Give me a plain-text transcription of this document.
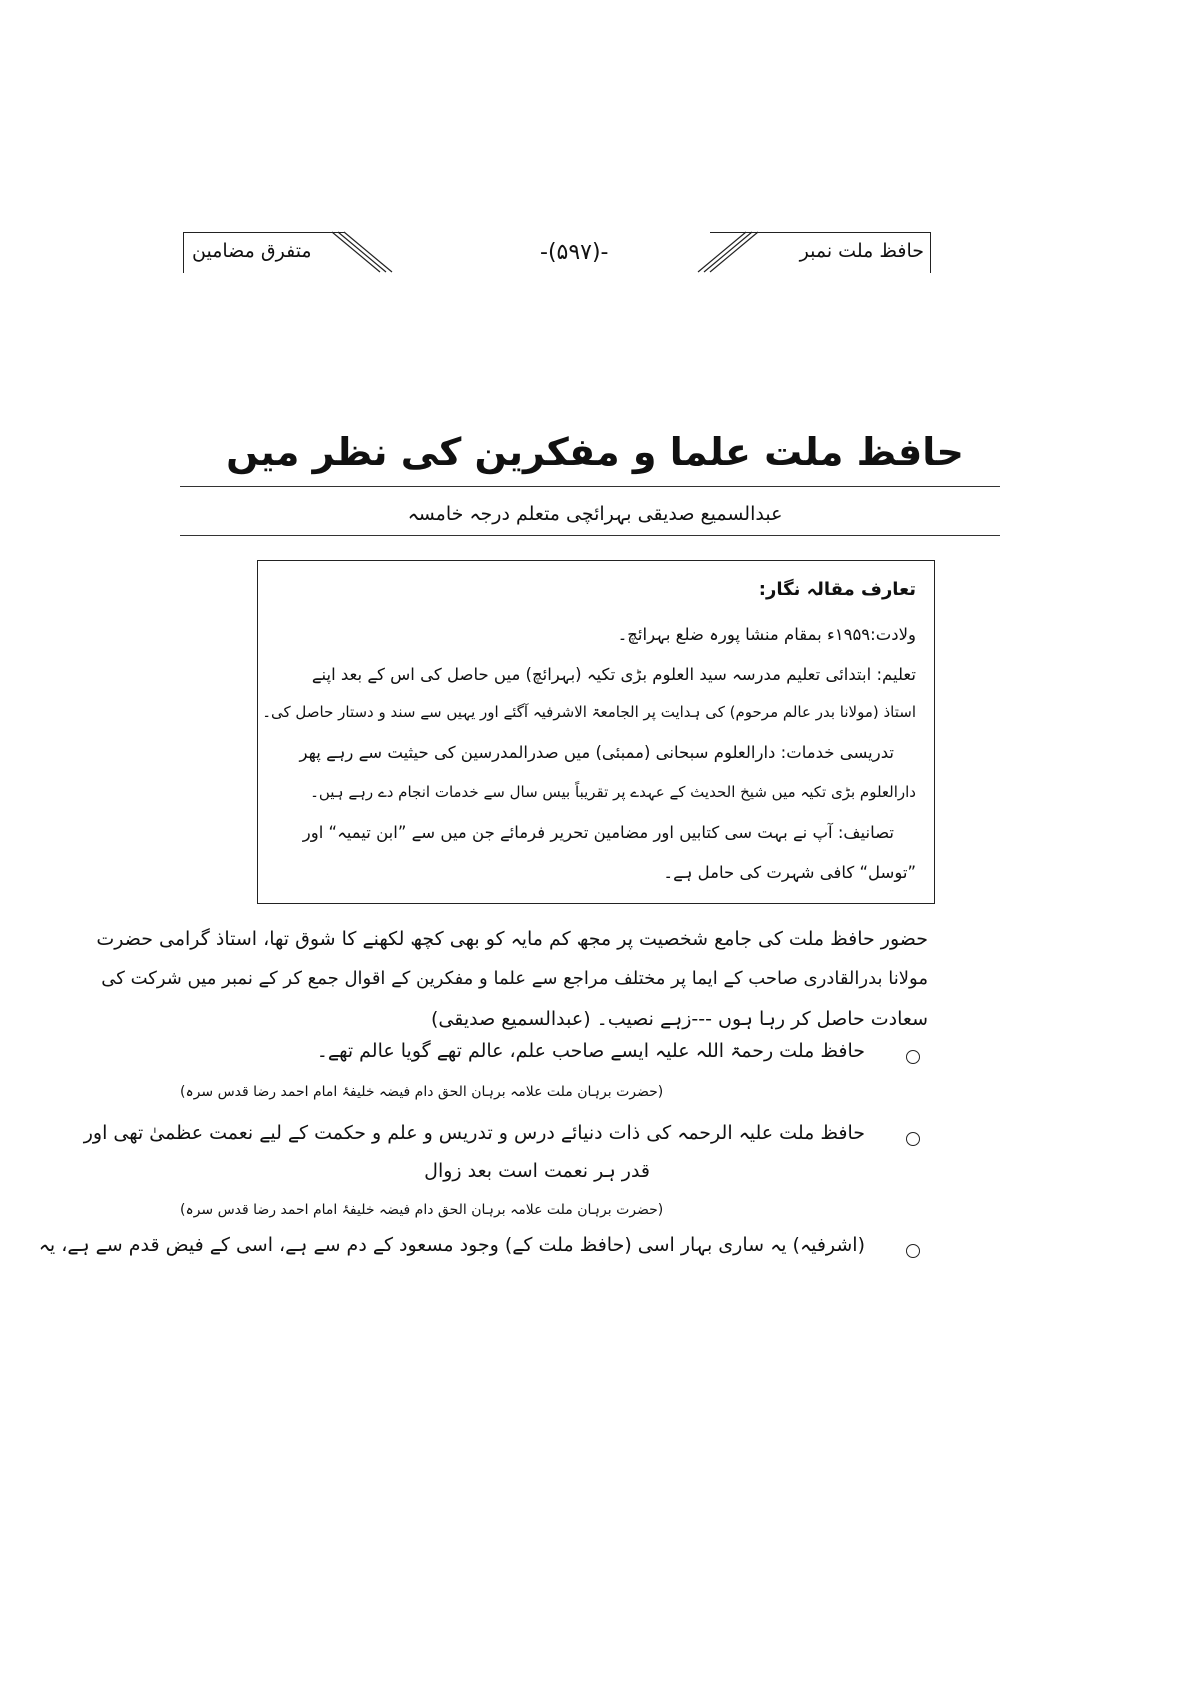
حافظ ملت نمبر
-(۵۹۷)-
متفرق مضامین
حافظ ملت علما و مفکرین کی نظر میں
عبدالسمیع صدیقی بہرائچی متعلم درجہ خامسہ
تعارف مقالہ نگار:
ولادت:۱۹۵۹ء بمقام منشا پورہ ضلع بہرائچ۔
تعلیم: ابتدائی تعلیم مدرسہ سید العلوم بڑی تکیہ (بہرائچ) میں حاصل کی اس کے بعد اپنے
استاذ (مولانا بدر عالم مرحوم) کی ہدایت پر الجامعۃ الاشرفیہ آگئے اور یہیں سے سند و دستار حاصل کی۔
تدریسی خدمات: دارالعلوم سبحانی (ممبئی) میں صدرالمدرسین کی حیثیت سے رہے پھر
دارالعلوم بڑی تکیہ میں شیخ الحدیث کے عہدے پر تقریباً بیس سال سے خدمات انجام دے رہے ہیں۔
تصانیف: آپ نے بہت سی کتابیں اور مضامین تحریر فرمائے جن میں سے ”ابن تیمیہ“ اور
”توسل“ کافی شہرت کی حامل ہے۔
حضور حافظ ملت کی جامع شخصیت پر مجھ کم مایہ کو بھی کچھ لکھنے کا شوق تھا، استاذ گرامی حضرت
مولانا بدرالقادری صاحب کے ایما پر مختلف مراجع سے علما و مفکرین کے اقوال جمع کر کے نمبر میں شرکت کی
سعادت حاصل کر رہا ہوں ---زہے نصیب۔ (عبدالسمیع صدیقی)
حافظ ملت رحمۃ اللہ علیہ ایسے صاحب علم، عالم تھے گویا عالم تھے۔
(حضرت برہان ملت علامہ برہان الحق دام فیضہ خلیفۂ امام احمد رضا قدس سرہ)
حافظ ملت علیہ الرحمہ کی ذات دنیائے درس و تدریس و علم و حکمت کے لیے نعمت عظمیٰ تھی اور
قدر ہر نعمت است بعد زوال
(حضرت برہان ملت علامہ برہان الحق دام فیضہ خلیفۂ امام احمد رضا قدس سرہ)
(اشرفیہ) یہ ساری بہار اسی (حافظ ملت کے) وجود مسعود کے دم سے ہے، اسی کے فیض قدم سے ہے، یہ
